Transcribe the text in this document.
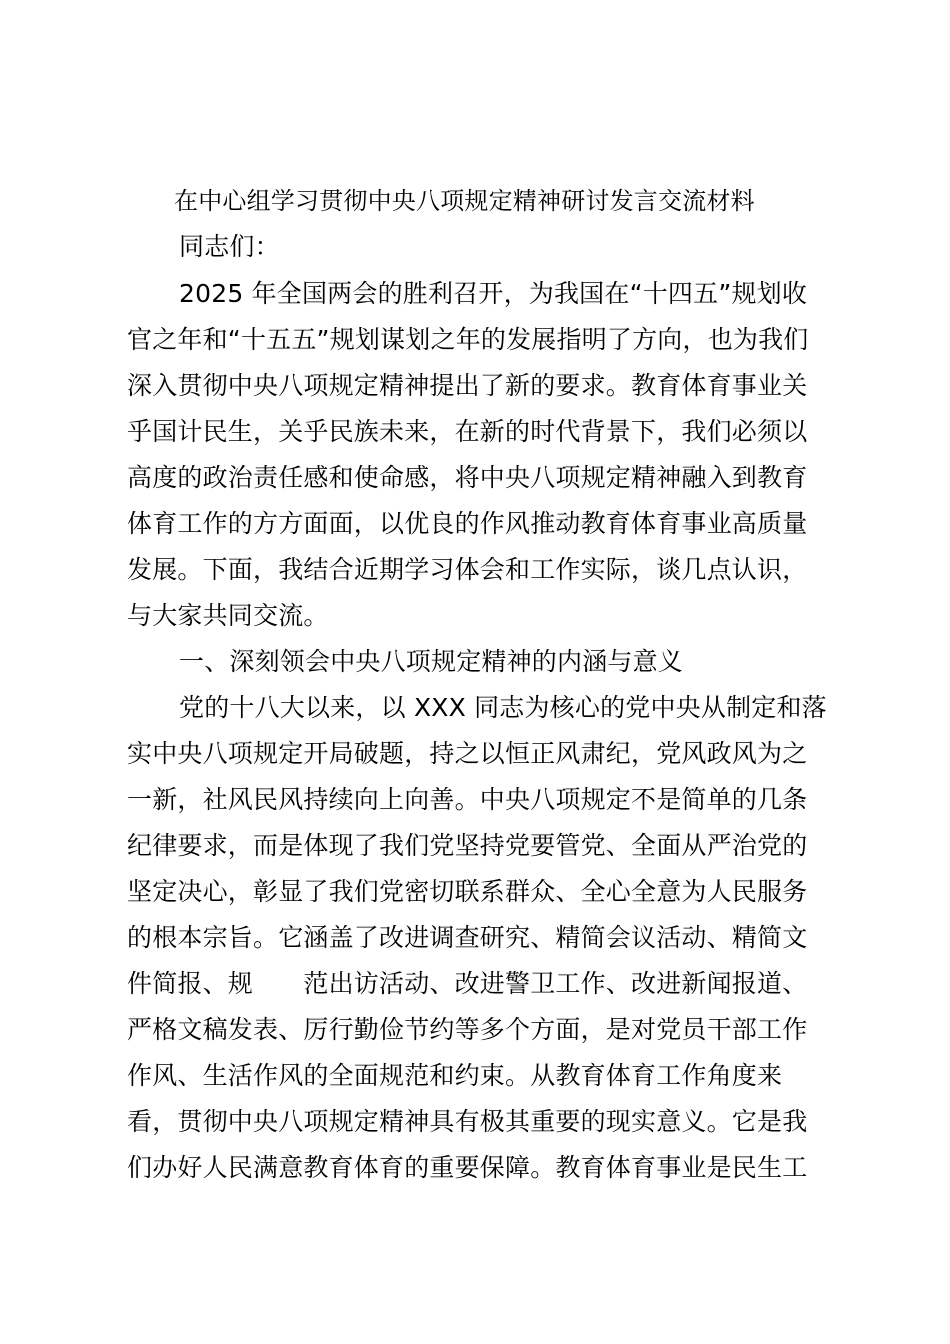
在中心组学习贯彻中央八项规定精神研讨发言交流材料
同志们：
2025 年全国两会的胜利召开，为我国在“十四五”规划收
官之年和“十五五”规划谋划之年的发展指明了方向，也为我们
深入贯彻中央八项规定精神提出了新的要求。教育体育事业关
乎国计民生，关乎民族未来，在新的时代背景下，我们必须以
高度的政治责任感和使命感，将中央八项规定精神融入到教育
体育工作的方方面面，以优良的作风推动教育体育事业高质量
发展。下面，我结合近期学习体会和工作实际，谈几点认识，
与大家共同交流。
一、深刻领会中央八项规定精神的内涵与意义
党的十八大以来，以 XXX 同志为核心的党中央从制定和落
实中央八项规定开局破题，持之以恒正风肃纪，党风政风为之
一新，社风民风持续向上向善。中央八项规定不是简单的几条
纪律要求，而是体现了我们党坚持党要管党、全面从严治党的
坚定决心，彰显了我们党密切联系群众、全心全意为人民服务
的根本宗旨。它涵盖了改进调查研究、精简会议活动、精简文
件简报、规　　范出访活动、改进警卫工作、改进新闻报道、
严格文稿发表、厉行勤俭节约等多个方面，是对党员干部工作
作风、生活作风的全面规范和约束。从教育体育工作角度来
看，贯彻中央八项规定精神具有极其重要的现实意义。它是我
们办好人民满意教育体育的重要保障。教育体育事业是民生工
